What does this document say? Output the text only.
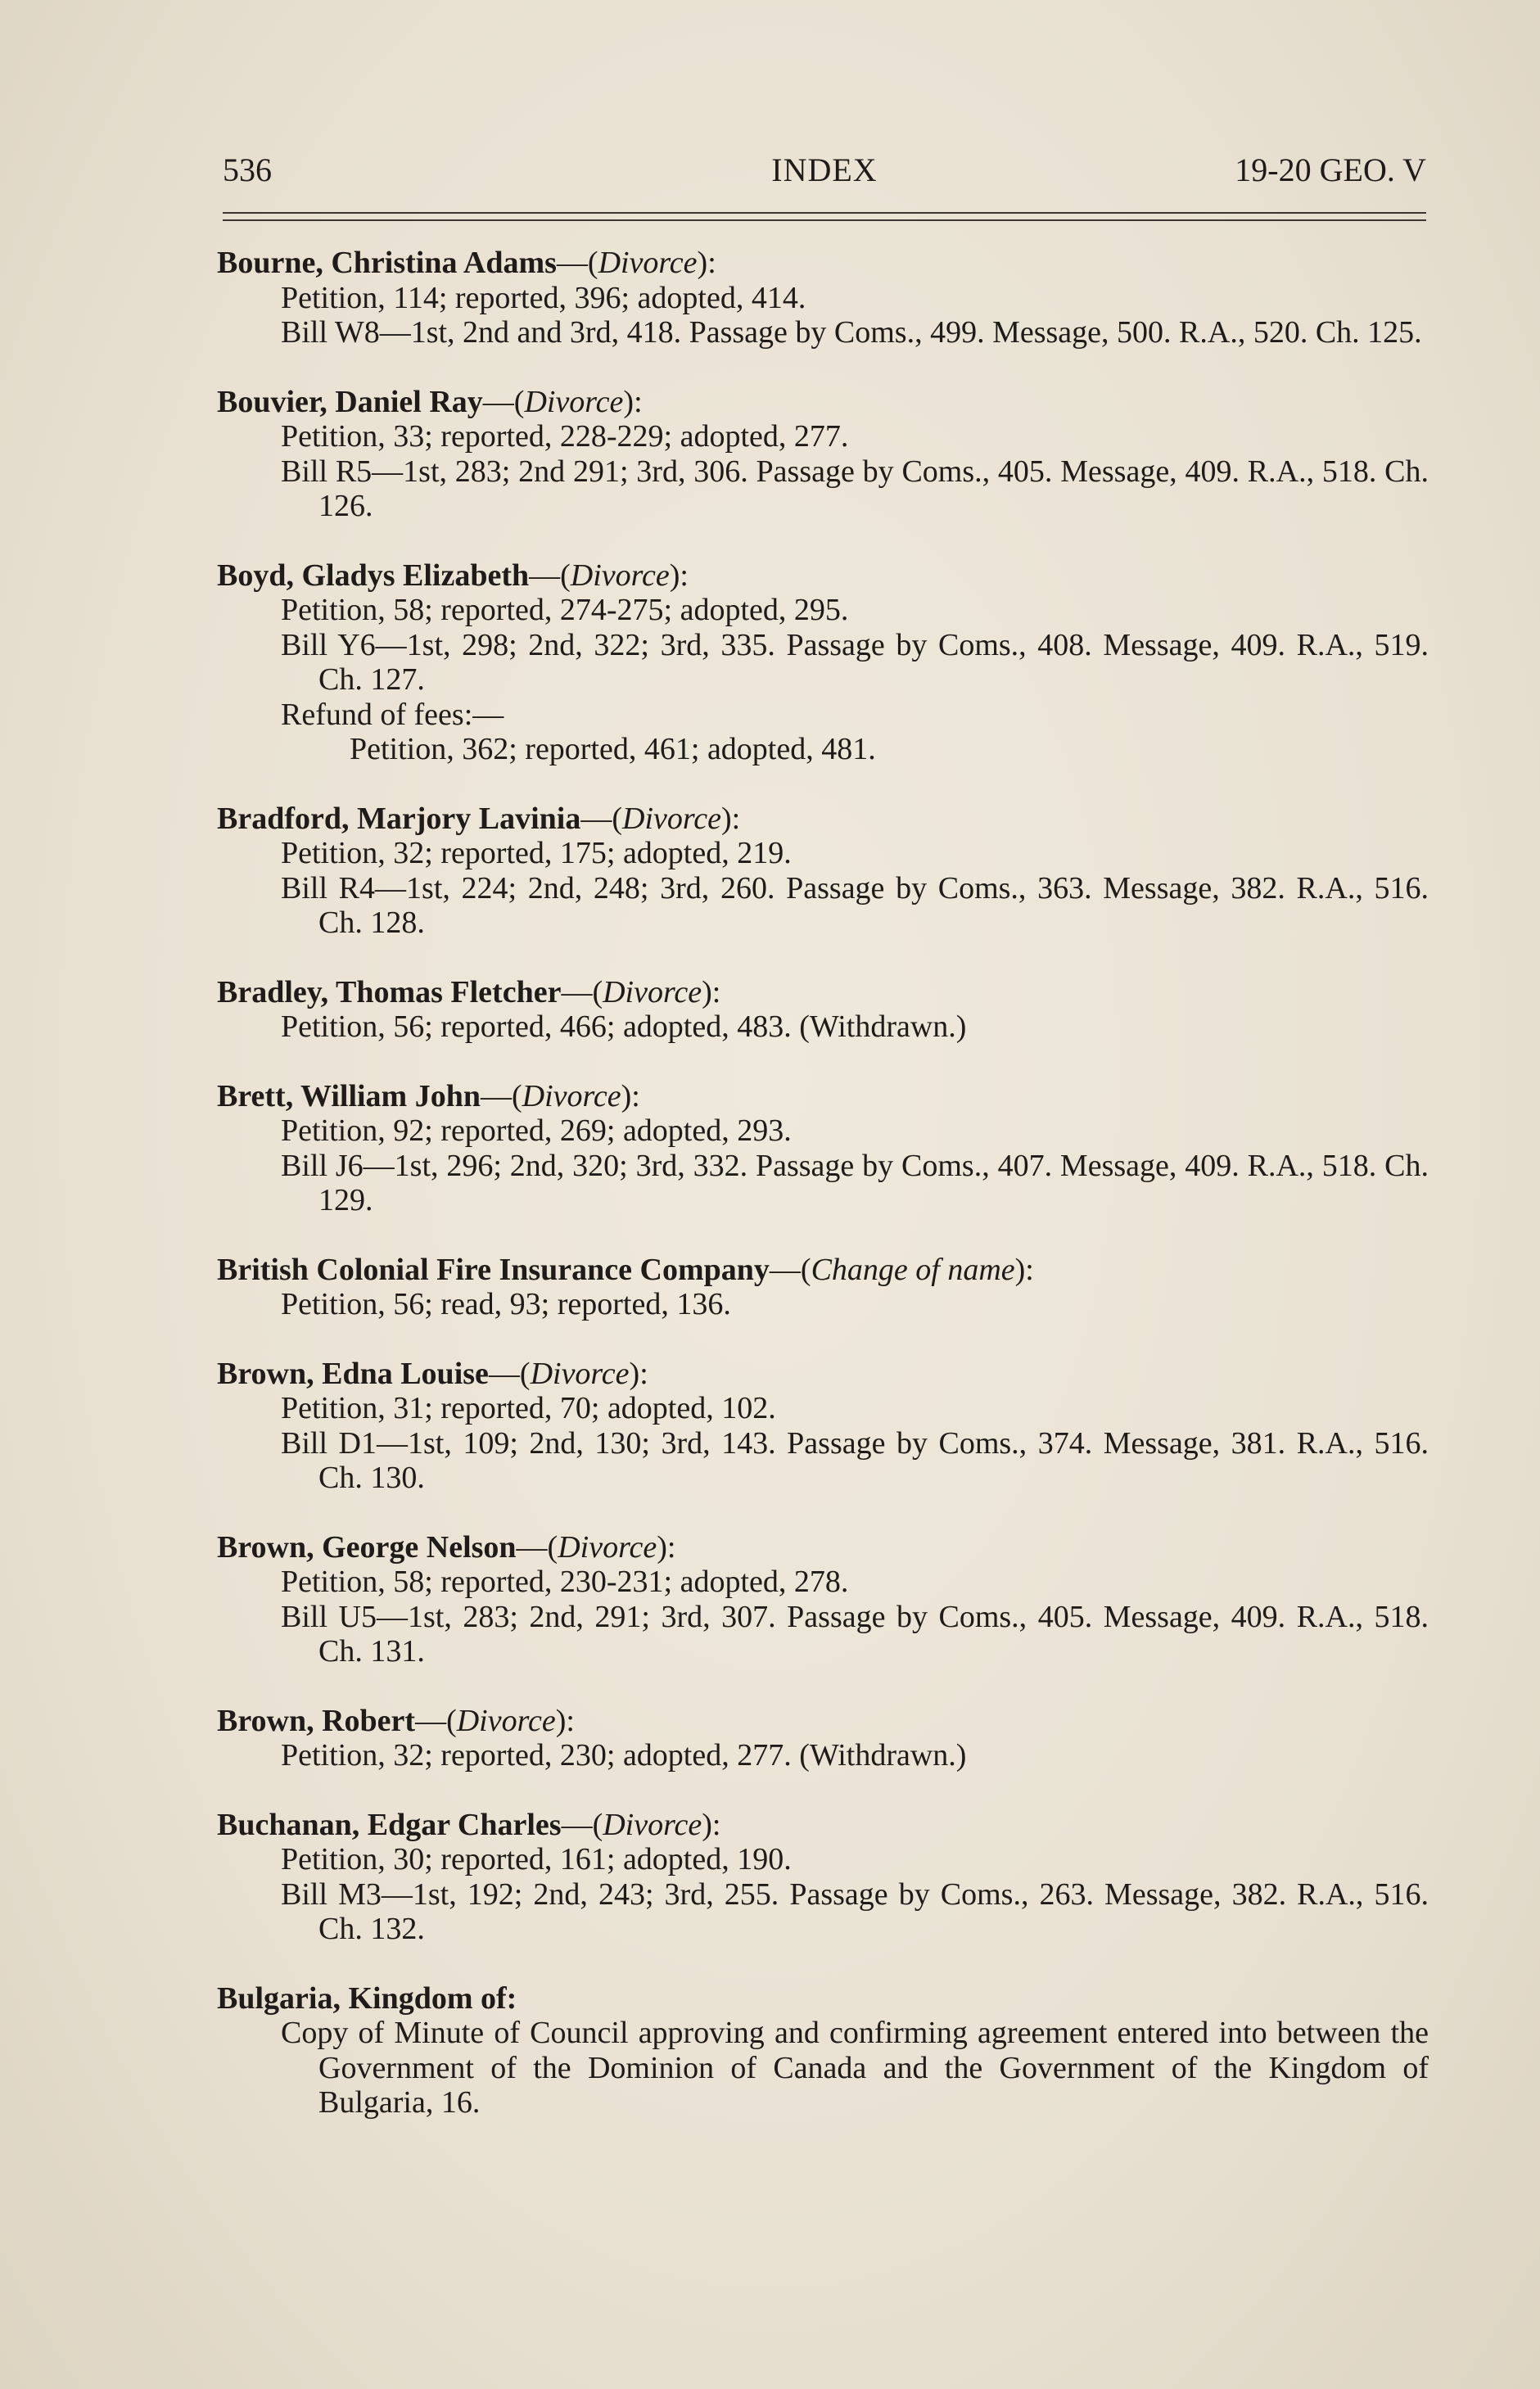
536	INDEX	19-20 GEO. V
Bourne, Christina Adams—(Divorce):

Petition, 114; reported, 396; adopted, 414.

Bill W8—1st, 2nd and 3rd, 418. Passage by Coms., 499. Message, 500. R.A., 520. Ch. 125.

Bouvier, Daniel Ray—(Divorce):

Petition, 33; reported, 228-229; adopted, 277.

Bill R5—1st, 283; 2nd 291; 3rd, 306. Passage by Coms., 405. Message, 409. R.A., 518. Ch. 126.

Boyd, Gladys Elizabeth—(Divorce):

Petition, 58; reported, 274-275; adopted, 295.

Bill Y6—1st, 298; 2nd, 322; 3rd, 335. Passage by Coms., 408. Message, 409. R.A., 519. Ch. 127.

Refund of fees:—

Petition, 362; reported, 461; adopted, 481.

Bradford, Marjory Lavinia—(Divorce):

Petition, 32; reported, 175; adopted, 219.

Bill R4—1st, 224; 2nd, 248; 3rd, 260. Passage by Coms., 363. Message, 382. R.A., 516. Ch. 128.

Bradley, Thomas Fletcher—(Divorce):

Petition, 56; reported, 466; adopted, 483. (Withdrawn.)

Brett, William John—(Divorce):

Petition, 92; reported, 269; adopted, 293.

Bill J6—1st, 296; 2nd, 320; 3rd, 332. Passage by Coms., 407. Message, 409. R.A., 518. Ch. 129.

British Colonial Fire Insurance Company—(Change of name):

Petition, 56; read, 93; reported, 136.

Brown, Edna Louise—(Divorce):

Petition, 31; reported, 70; adopted, 102.

Bill D1—1st, 109; 2nd, 130; 3rd, 143. Passage by Coms., 374. Message, 381. R.A., 516. Ch. 130.

Brown, George Nelson—(Divorce):

Petition, 58; reported, 230-231; adopted, 278.

Bill U5—1st, 283; 2nd, 291; 3rd, 307. Passage by Coms., 405. Message, 409. R.A., 518. Ch. 131.

Brown, Robert—(Divorce):

Petition, 32; reported, 230; adopted, 277. (Withdrawn.)

Buchanan, Edgar Charles—(Divorce):

Petition, 30; reported, 161; adopted, 190.

Bill M3—1st, 192; 2nd, 243; 3rd, 255. Passage by Coms., 263. Message, 382. R.A., 516. Ch. 132.

Bulgaria, Kingdom of:

Copy of Minute of Council approving and confirming agreement entered into between the Government of the Dominion of Canada and the Government of the Kingdom of Bulgaria, 16.
